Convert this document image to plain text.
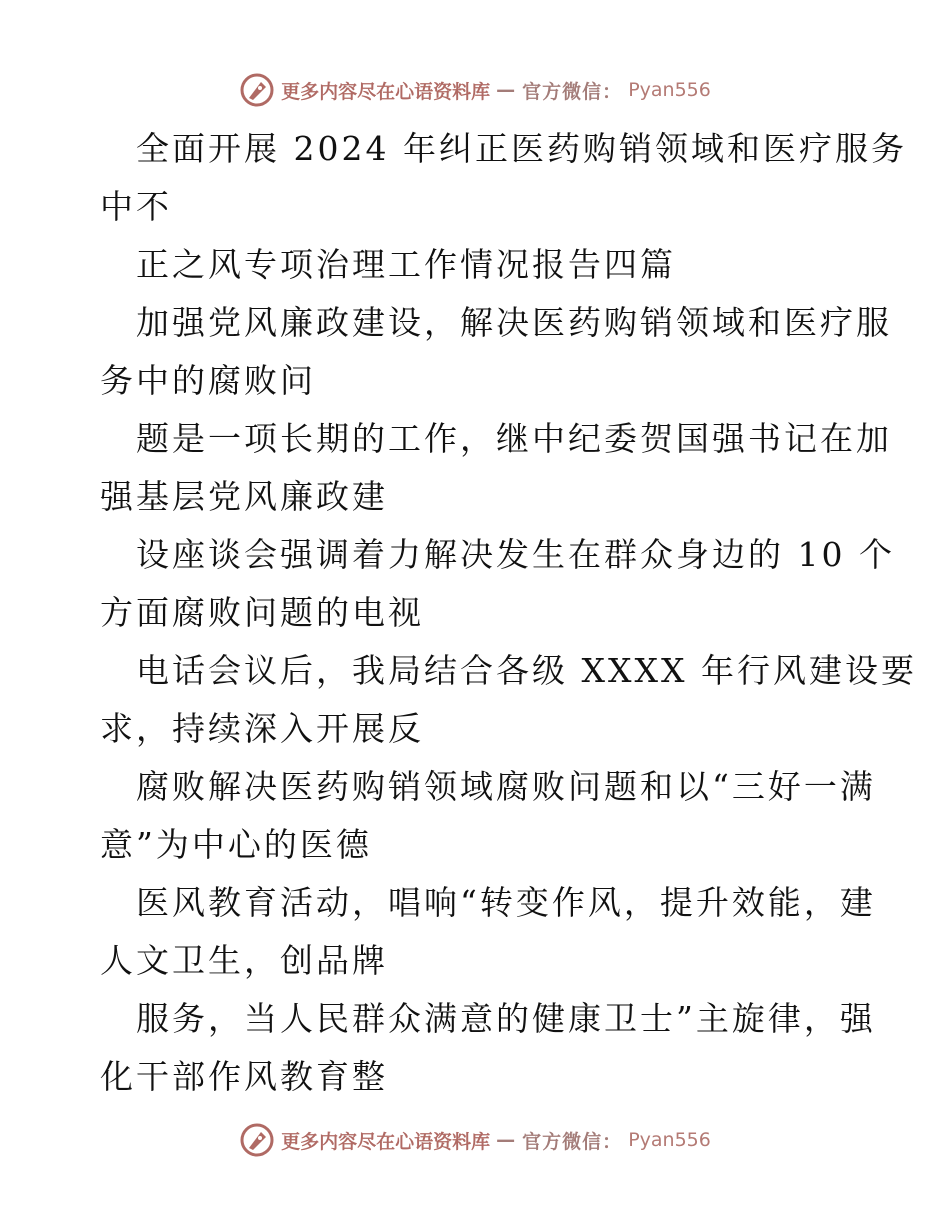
更多内容尽在心语资料库 — 官方微信： Pyan556
全面开展 2024 年纠正医药购销领域和医疗服务
中不
正之风专项治理工作情况报告四篇
加强党风廉政建设，解决医药购销领域和医疗服
务中的腐败问
题是一项长期的工作，继中纪委贺国强书记在加
强基层党风廉政建
设座谈会强调着力解决发生在群众身边的 10 个
方面腐败问题的电视
电话会议后，我局结合各级 XXXX 年行风建设要
求，持续深入开展反
腐败解决医药购销领域腐败问题和以“三好一满
意”为中心的医德
医风教育活动，唱响“转变作风，提升效能，建
人文卫生，创品牌
服务，当人民群众满意的健康卫士”主旋律，强
化干部作风教育整
更多内容尽在心语资料库 — 官方微信： Pyan556
